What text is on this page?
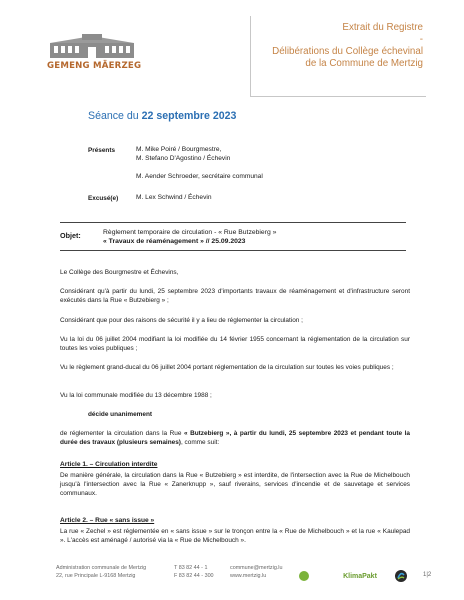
GEMENG MÄERZEG
Extrait du Registre
-
Délibérations du Collège échevinal
de la Commune de Mertzig
Séance du 22 septembre 2023
Présents	M. Mike Poiré / Bourgmestre,
M. Stefano D'Agostino / Échevin
M. Aender Schroeder, secrétaire communal
Excusé(e)	M. Lex Schwind / Échevin
Objet:	Règlement temporaire de circulation - « Rue Butzebierg »
« Travaux de réaménagement » // 25.09.2023
Le Collège des Bourgmestre et Échevins,
Considérant qu'à partir du lundi, 25 septembre 2023 d'importants travaux de réaménagement et d'infrastructure seront exécutés dans la Rue « Butzebierg » ;
Considérant que pour des raisons de sécurité il y a lieu de réglementer la circulation ;
Vu la loi du 06 juillet 2004 modifiant la loi modifiée du 14 février 1955 concernant la réglementation de la circulation sur toutes les voies publiques ;
Vu le règlement grand-ducal du 06 juillet 2004 portant réglementation de la circulation sur toutes les voies publiques ;
Vu la loi communale modifiée du 13 décembre 1988 ;
décide unanimement
de réglementer la circulation dans la Rue « Butzebierg », à partir du lundi, 25 septembre 2023 et pendant toute la durée des travaux (plusieurs semaines), comme suit:
Article 1. – Circulation interdite
De manière générale, la circulation dans la Rue « Butzebierg » est interdite, de l'intersection avec la Rue de Michelbouch jusqu'à l'intersection avec la Rue « Zanerknupp », sauf riverains, services d'incendie et de sauvetage et services communaux.
Article 2. – Rue « sans issue »
La rue « Zechel » est réglementée en « sans issue » sur le tronçon entre la « Rue de Michelbouch » et la rue « Kaulepad ». L'accès est aménagé / autorisé via la « Rue de Michelbouch ».
Administration communale de Mertzig
22, rue Principale L-9168 Mertzig
T 83 82 44 - 1
F 83 82 44 - 300
commune@mertzig.lu
www.mertzig.lu	KlimaPakt	1|2
